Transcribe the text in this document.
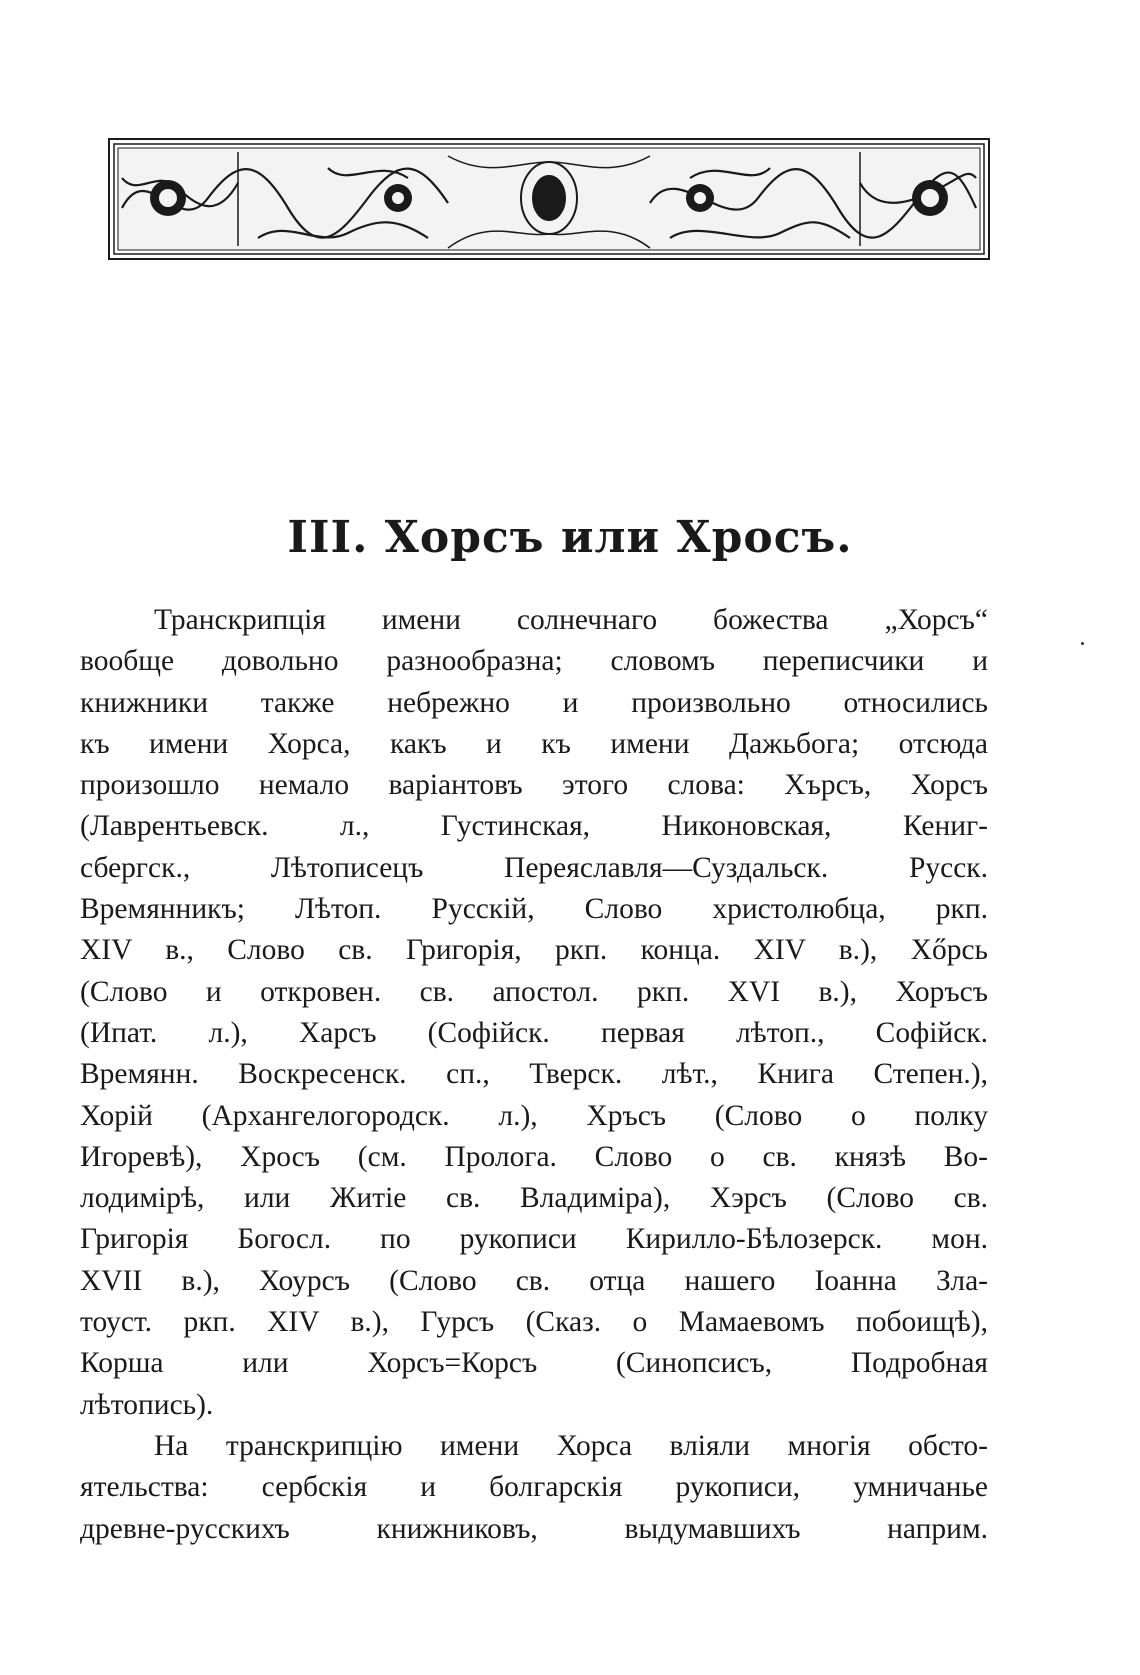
III. Хорсъ или Хросъ.
Транскрипція имени солнечнаго божества „Хорсъ“
вообще довольно разнообразна; словомъ переписчики и
книжники также небрежно и произвольно относились
къ имени Хорса, какъ и къ имени Дажьбога; отсюда
произошло немало варіантовъ этого слова: Хърсъ, Хорсъ
(Лаврентьевск. л., Густинская, Никоновская, Кениг-
сбергск., Лѣтописецъ Переяславля—Суздальск. Русск.
Времянникъ; Лѣтоп. Русскій, Слово христолюбца, ркп.
XIV в., Слово св. Григорія, ркп. конца. XIV в.), Хőрсь
(Слово и откровен. св. апостол. ркп. XVI в.), Хоръсъ
(Ипат. л.), Харсъ (Софійск. первая лѣтоп., Софійск.
Времянн. Воскресенск. сп., Тверск. лѣт., Книга Степен.),
Хорій (Архангелогородск. л.), Хръсъ (Слово о полку
Игоревѣ), Хросъ (см. Пролога. Слово о св. князѣ Во-
лодимірѣ, или Житіе св. Владиміра), Хэрсъ (Слово св.
Григорія Богосл. по рукописи Кирилло-Бѣлозерск. мон.
XVII в.), Хоурсъ (Слово св. отца нашего Іоанна Зла-
тоуст. ркп. XIV в.), Гурсъ (Сказ. о Мамаевомъ побоищѣ),
Корша или Хорсъ=Корсъ (Синопсисъ, Подробная
лѣтопись).
На транскрипцію имени Хорса вліяли многія обсто-
ятельства: сербскія и болгарскія рукописи, умничанье
древне-русскихъ книжниковъ, выдумавшихъ наприм.
